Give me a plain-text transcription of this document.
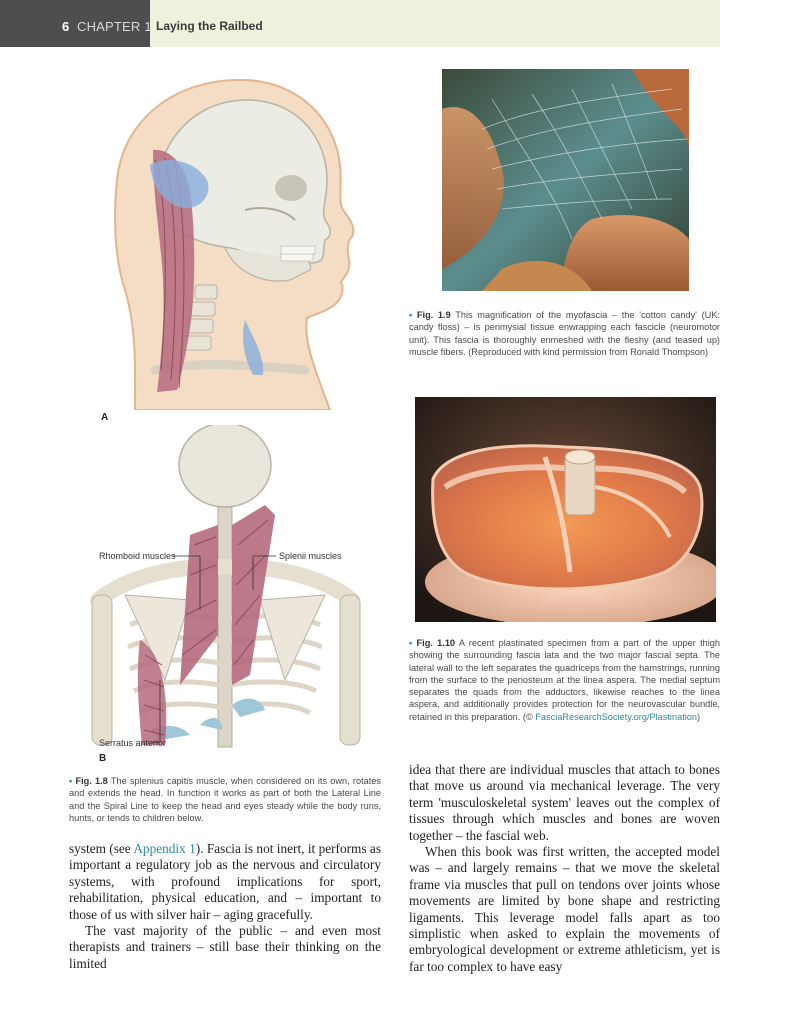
6 CHAPTER 1 Laying the Railbed
A
Rhomboid muscles	Splenii muscles
Serratus anterior
B
• Fig. 1.8 The splenius capitis muscle, when considered on its own, rotates and extends the head. In function it works as part of both the Lateral Line and the Spiral Line to keep the head and eyes steady while the body runs, hunts, or tends to children below.
• Fig. 1.9 This magnification of the myofascia – the 'cotton candy' (UK: candy floss) – is perimysial tissue enwrapping each fascicle (neuromotor unit). This fascia is thoroughly enmeshed with the fleshy (and teased up) muscle fibers. (Reproduced with kind permission from Ronald Thompson)
• Fig. 1.10 A recent plastinated specimen from a part of the upper thigh showing the surrounding fascia lata and the two major fascial septa. The lateral wall to the left separates the quadriceps from the hamstrings, running from the surface to the periosteum at the linea aspera. The medial septum separates the quads from the adductors, likewise reaches to the linea aspera, and additionally provides protection for the neurovascular bundle, retained in this preparation. (© FasciaResearchSociety.org/Plastination)

system (see Appendix 1). Fascia is not inert, it performs as important a regulatory job as the nervous and circulatory systems, with profound implications for sport, rehabilitation, physical education, and – important to those of us with silver hair – aging gracefully.

The vast majority of the public – and even most therapists and trainers – still base their thinking on the limited

idea that there are individual muscles that attach to bones that move us around via mechanical leverage. The very term 'musculoskeletal system' leaves out the complex of tissues through which muscles and bones are woven together – the fascial web.

When this book was first written, the accepted model was – and largely remains – that we move the skeletal frame via muscles that pull on tendons over joints whose movements are limited by bone shape and restricting ligaments. This leverage model falls apart as too simplistic when asked to explain the movements of embryological development or extreme athleticism, yet is far too complex to have easy
